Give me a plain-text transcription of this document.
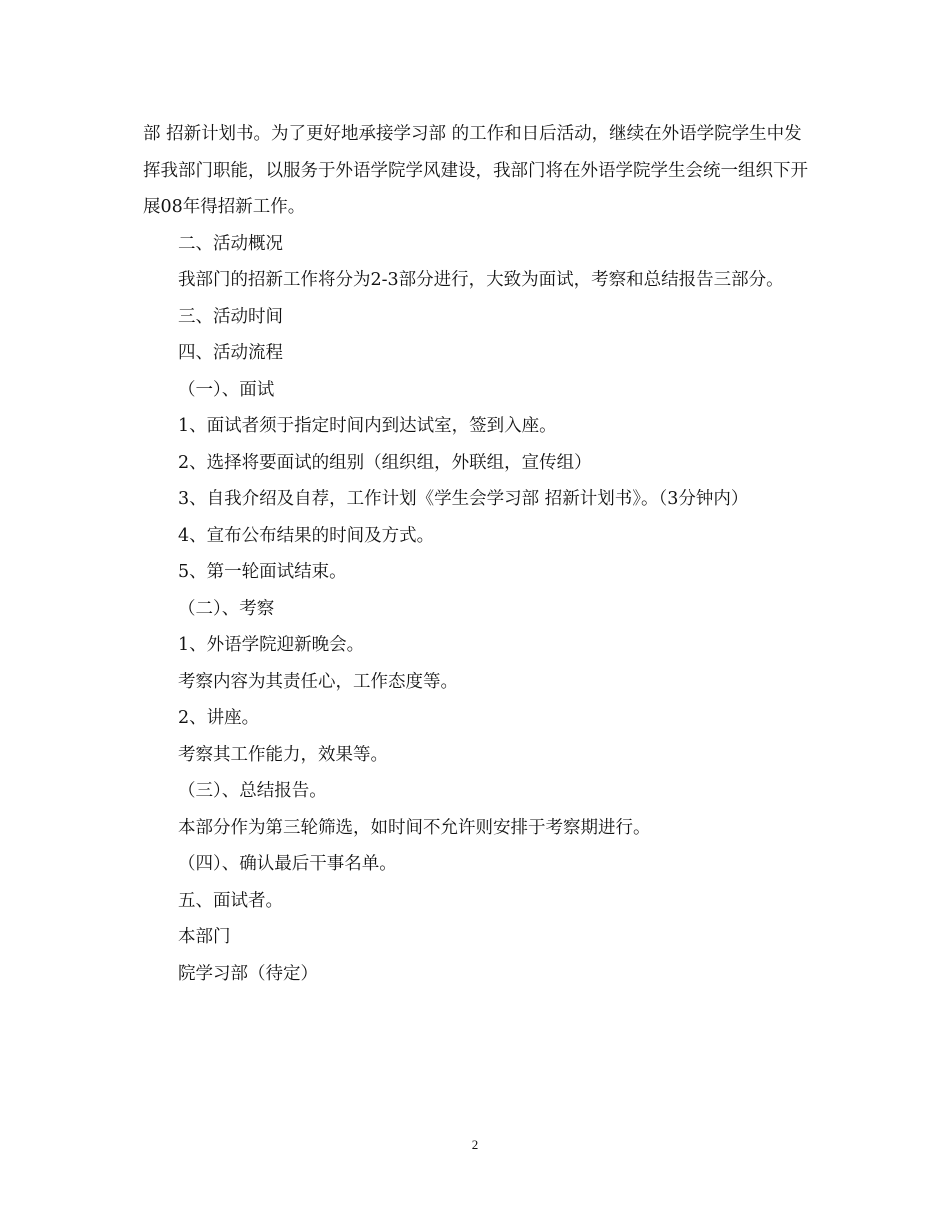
部 招新计划书。为了更好地承接学习部 的工作和日后活动，继续在外语学院学生中发挥我部门职能，以服务于外语学院学风建设，我部门将在外语学院学生会统一组织下开展08年得招新工作。

二、活动概况

我部门的招新工作将分为2-3部分进行，大致为面试，考察和总结报告三部分。

三、活动时间

四、活动流程

（一）、面试

1、面试者须于指定时间内到达试室，签到入座。

2、选择将要面试的组别（组织组，外联组，宣传组）

3、自我介绍及自荐，工作计划《学生会学习部 招新计划书》。（3分钟内）

4、宣布公布结果的时间及方式。

5、第一轮面试结束。

（二）、考察

1、外语学院迎新晚会。

考察内容为其责任心，工作态度等。

2、讲座。

考察其工作能力，效果等。

（三）、总结报告。

本部分作为第三轮筛选，如时间不允许则安排于考察期进行。

（四）、确认最后干事名单。

五、面试者。

本部门

院学习部（待定）

2
